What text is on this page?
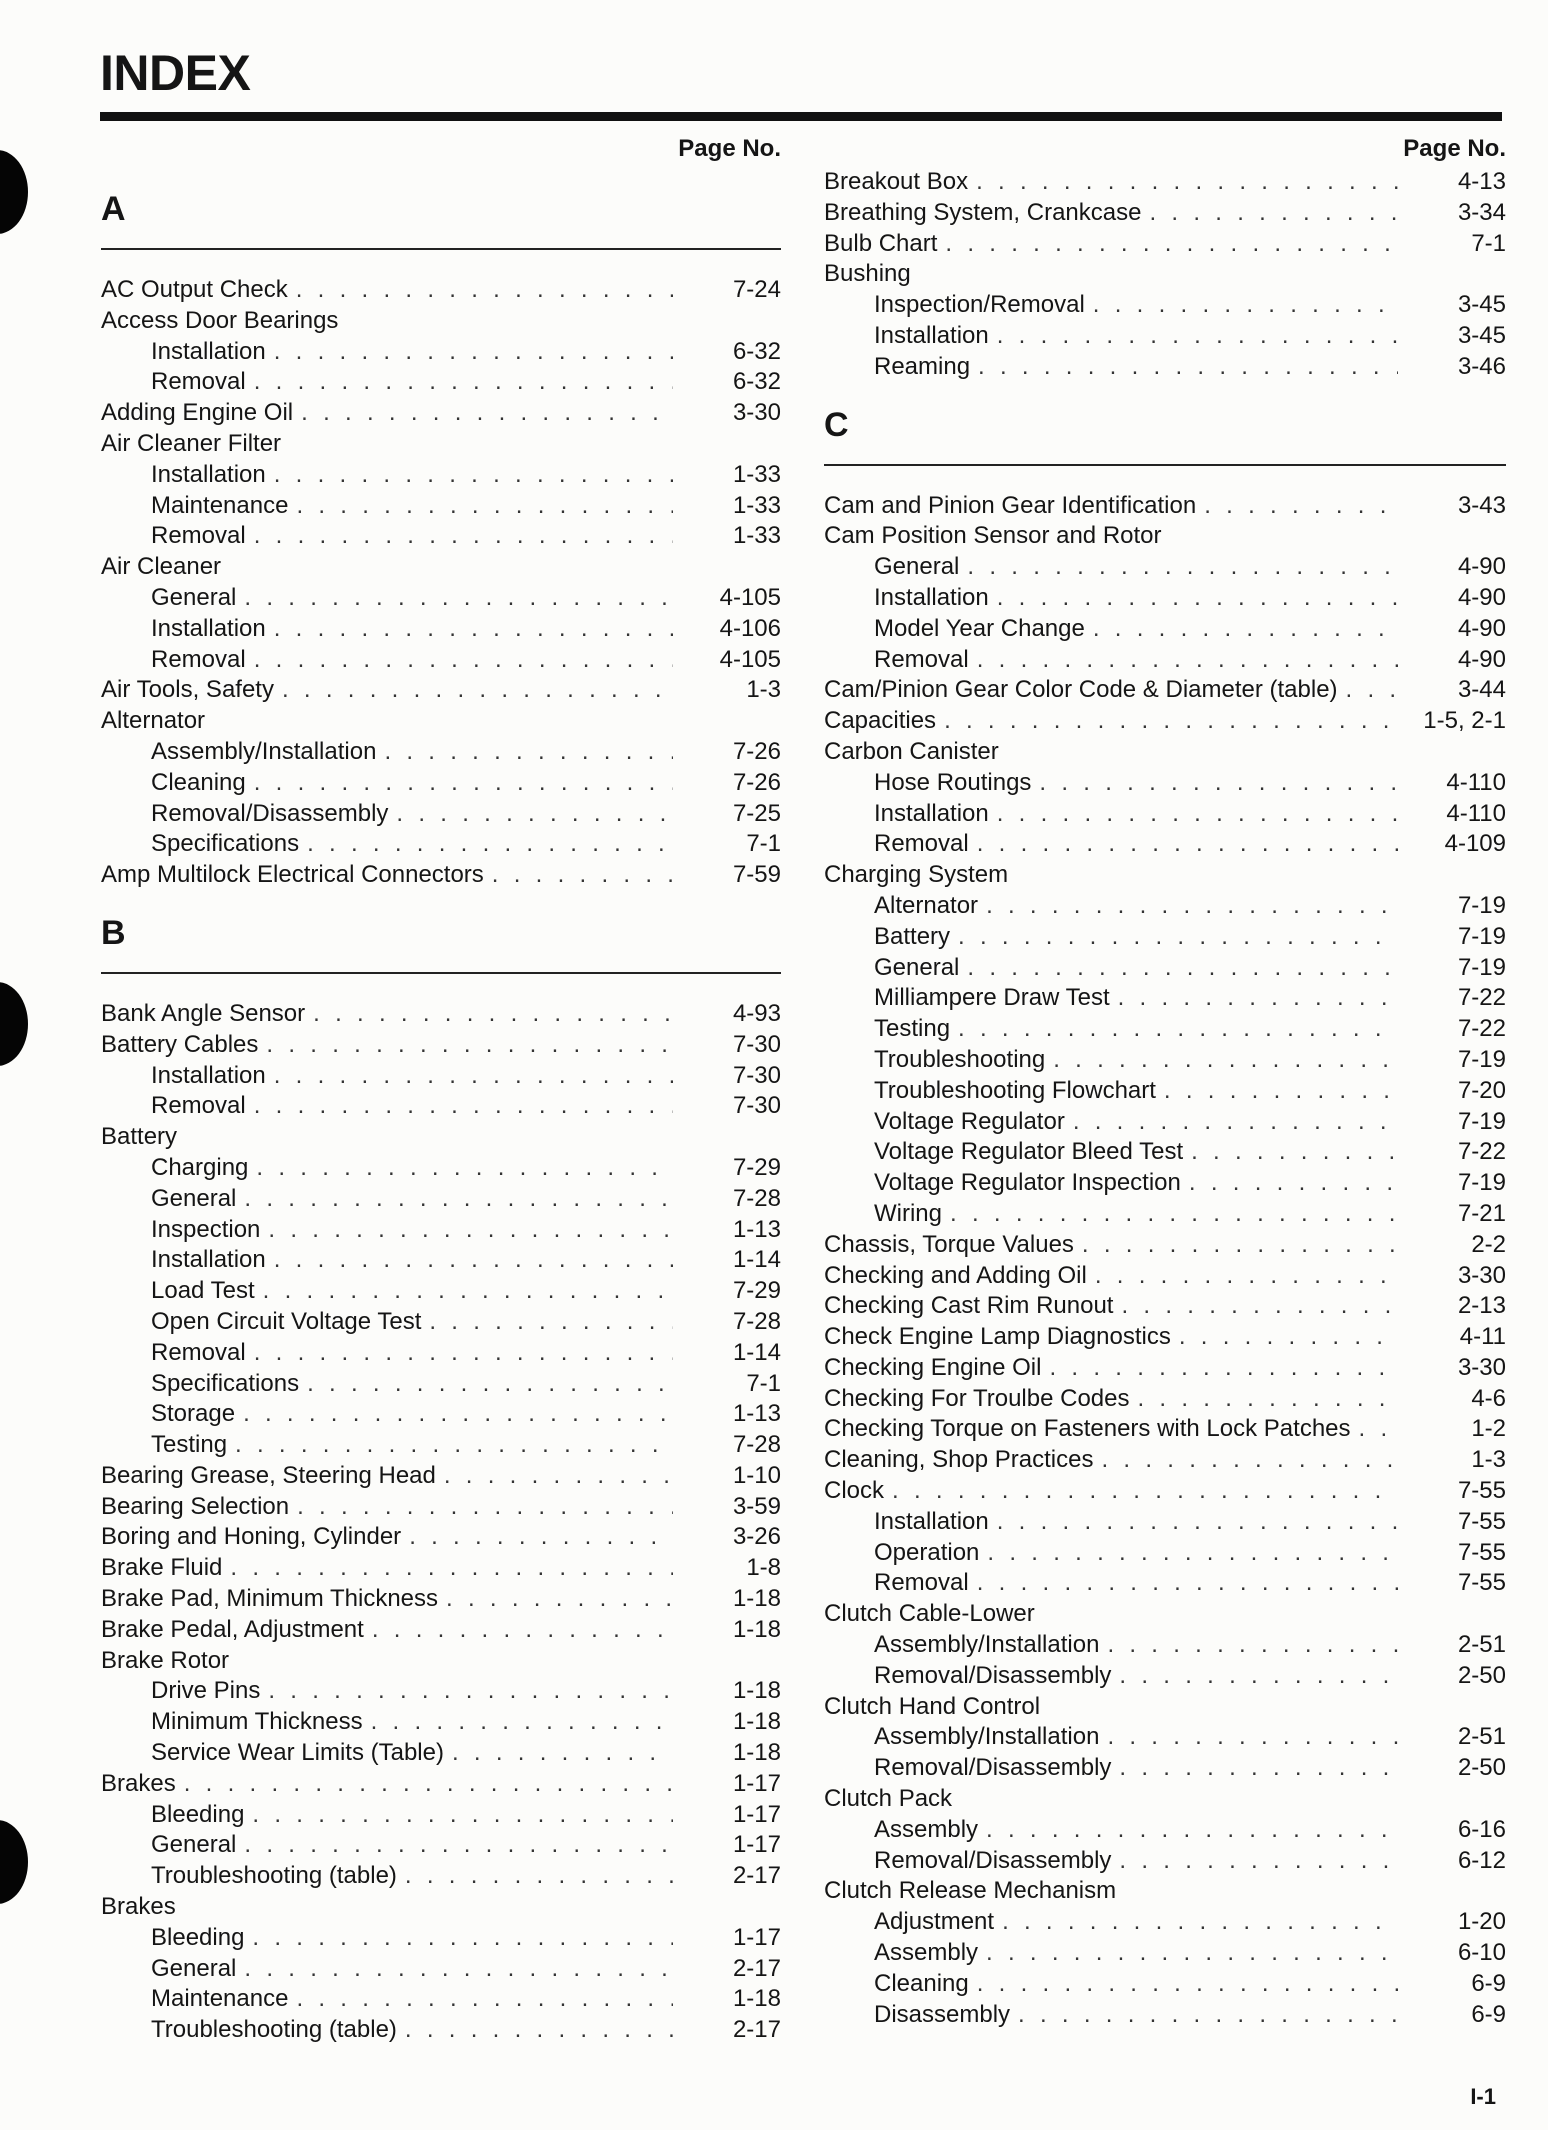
INDEX
Page No.
A
AC Output Check . . .	7-24
Access Door Bearings
Installation . . .	6-32
Removal . . .	6-32
Adding Engine Oil . . .	3-30
Air Cleaner Filter
Installation . . .	1-33
Maintenance . . .	1-33
Removal . . .	1-33
Air Cleaner
General . . .	4-105
Installation . . .	4-106
Removal . . .	4-105
Air Tools, Safety . . .	1-3
Alternator
Assembly/Installation . . .	7-26
Cleaning . . .	7-26
Removal/Disassembly . . .	7-25
Specifications . . .	7-1
Amp Multilock Electrical Connectors . . .	7-59
B
Bank Angle Sensor . . .	4-93
Battery Cables . . .	7-30
Installation . . .	7-30
Removal . . .	7-30
Battery
Charging . . .	7-29
General . . .	7-28
Inspection . . .	1-13
Installation . . .	1-14
Load Test . . .	7-29
Open Circuit Voltage Test . . .	7-28
Removal . . .	1-14
Specifications . . .	7-1
Storage . . .	1-13
Testing . . .	7-28
Bearing Grease, Steering Head . . .	1-10
Bearing Selection . . .	3-59
Boring and Honing, Cylinder . . .	3-26
Brake Fluid . . .	1-8
Brake Pad, Minimum Thickness . . .	1-18
Brake Pedal, Adjustment . . .	1-18
Brake Rotor
Drive Pins . . .	1-18
Minimum Thickness . . .	1-18
Service Wear Limits (Table) . . .	1-18
Brakes . . .	1-17
Bleeding . . .	1-17
General . . .	1-17
Troubleshooting (table) . . .	2-17
Brakes
Bleeding . . .	1-17
General . . .	2-17
Maintenance . . .	1-18
Troubleshooting (table) . . .	2-17
Page No.
Breakout Box . . .	4-13
Breathing System, Crankcase . . .	3-34
Bulb Chart . . .	7-1
Bushing
Inspection/Removal . . .	3-45
Installation . . .	3-45
Reaming . . .	3-46
C
Cam and Pinion Gear Identification . . .	3-43
Cam Position Sensor and Rotor
General . . .	4-90
Installation . . .	4-90
Model Year Change . . .	4-90
Removal . . .	4-90
Cam/Pinion Gear Color Code & Diameter (table) . . .	3-44
Capacities . . .	1-5, 2-1
Carbon Canister
Hose Routings . . .	4-110
Installation . . .	4-110
Removal . . .	4-109
Charging System
Alternator . . .	7-19
Battery . . .	7-19
General . . .	7-19
Milliampere Draw Test . . .	7-22
Testing . . .	7-22
Troubleshooting . . .	7-19
Troubleshooting Flowchart . . .	7-20
Voltage Regulator . . .	7-19
Voltage Regulator Bleed Test . . .	7-22
Voltage Regulator Inspection . . .	7-19
Wiring . . .	7-21
Chassis, Torque Values . . .	2-2
Checking and Adding Oil . . .	3-30
Checking Cast Rim Runout . . .	2-13
Check Engine Lamp Diagnostics . . .	4-11
Checking Engine Oil . . .	3-30
Checking For Troulbe Codes . . .	4-6
Checking Torque on Fasteners with Lock Patches . . .	1-2
Cleaning, Shop Practices . . .	1-3
Clock . . .	7-55
Installation . . .	7-55
Operation . . .	7-55
Removal . . .	7-55
Clutch Cable-Lower
Assembly/Installation . . .	2-51
Removal/Disassembly . . .	2-50
Clutch Hand Control
Assembly/Installation . . .	2-51
Removal/Disassembly . . .	2-50
Clutch Pack
Assembly . . .	6-16
Removal/Disassembly . . .	6-12
Clutch Release Mechanism
Adjustment . . .	1-20
Assembly . . .	6-10
Cleaning . . .	6-9
Disassembly . . .	6-9
I-1
